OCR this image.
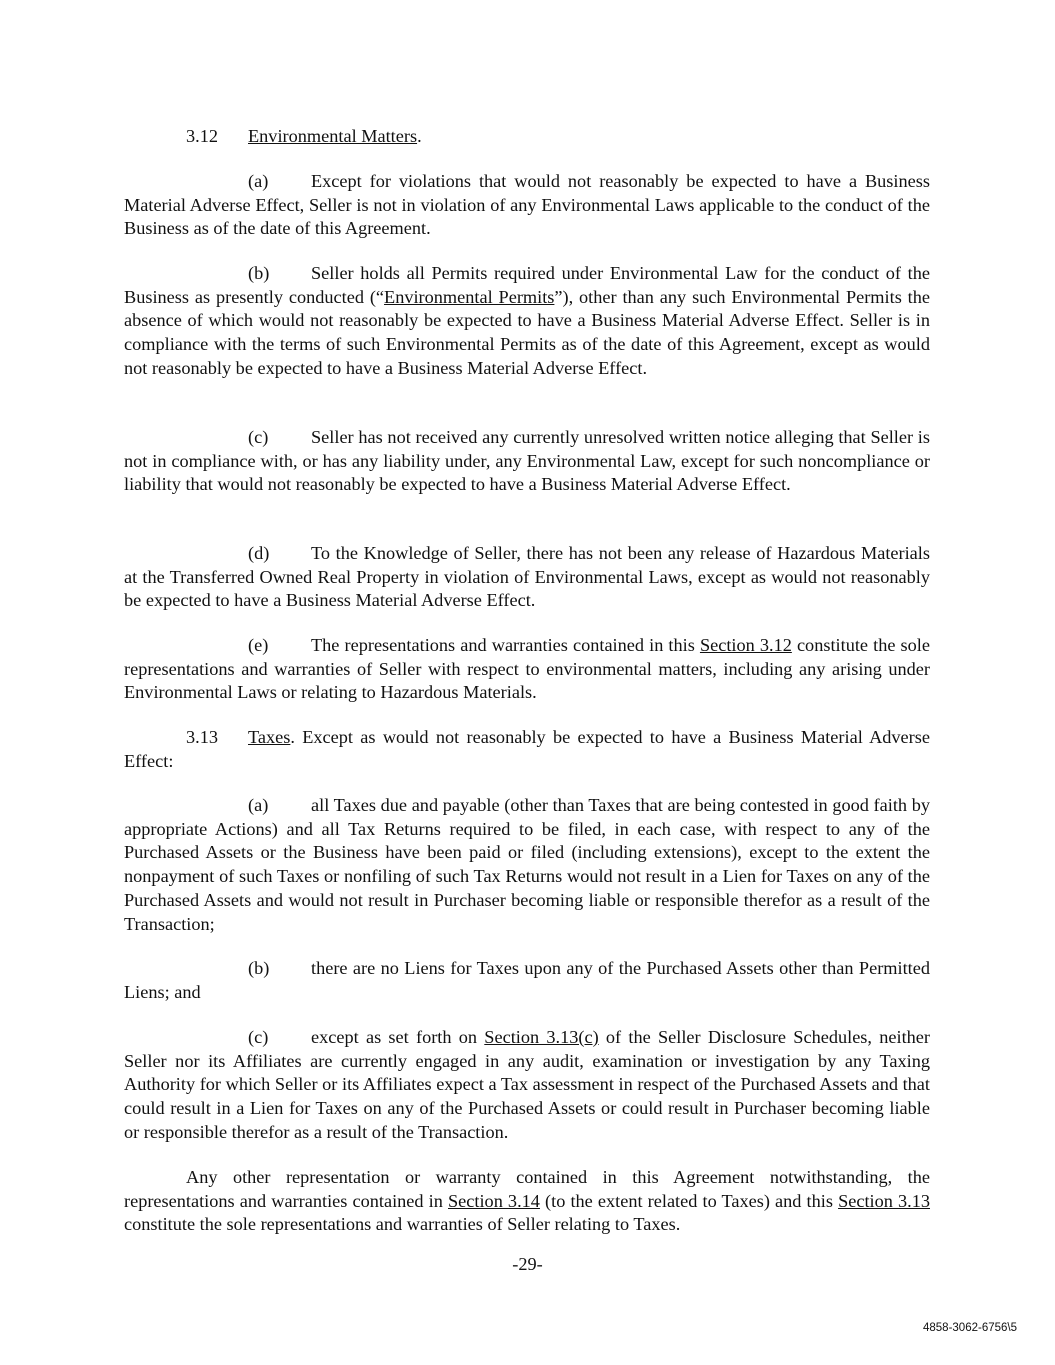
3.12 Environmental Matters.

(a) Except for violations that would not reasonably be expected to have a Business Material Adverse Effect, Seller is not in violation of any Environmental Laws applicable to the conduct of the Business as of the date of this Agreement.

(b) Seller holds all Permits required under Environmental Law for the conduct of the Business as presently conducted (“Environmental Permits”), other than any such Environmental Permits the absence of which would not reasonably be expected to have a Business Material Adverse Effect. Seller is in compliance with the terms of such Environmental Permits as of the date of this Agreement, except as would not reasonably be expected to have a Business Material Adverse Effect.

(c) Seller has not received any currently unresolved written notice alleging that Seller is not in compliance with, or has any liability under, any Environmental Law, except for such noncompliance or liability that would not reasonably be expected to have a Business Material Adverse Effect.

(d) To the Knowledge of Seller, there has not been any release of Hazardous Materials at the Transferred Owned Real Property in violation of Environmental Laws, except as would not reasonably be expected to have a Business Material Adverse Effect.

(e) The representations and warranties contained in this Section 3.12 constitute the sole representations and warranties of Seller with respect to environmental matters, including any arising under Environmental Laws or relating to Hazardous Materials.

3.13 Taxes. Except as would not reasonably be expected to have a Business Material Adverse Effect:

(a) all Taxes due and payable (other than Taxes that are being contested in good faith by appropriate Actions) and all Tax Returns required to be filed, in each case, with respect to any of the Purchased Assets or the Business have been paid or filed (including extensions), except to the extent the nonpayment of such Taxes or nonfiling of such Tax Returns would not result in a Lien for Taxes on any of the Purchased Assets and would not result in Purchaser becoming liable or responsible therefor as a result of the Transaction;

(b) there are no Liens for Taxes upon any of the Purchased Assets other than Permitted Liens; and

(c) except as set forth on Section 3.13(c) of the Seller Disclosure Schedules, neither Seller nor its Affiliates are currently engaged in any audit, examination or investigation by any Taxing Authority for which Seller or its Affiliates expect a Tax assessment in respect of the Purchased Assets and that could result in a Lien for Taxes on any of the Purchased Assets or could result in Purchaser becoming liable or responsible therefor as a result of the Transaction.

Any other representation or warranty contained in this Agreement notwithstanding, the representations and warranties contained in Section 3.14 (to the extent related to Taxes) and this Section 3.13 constitute the sole representations and warranties of Seller relating to Taxes.

-29-
4858-3062-6756\5
